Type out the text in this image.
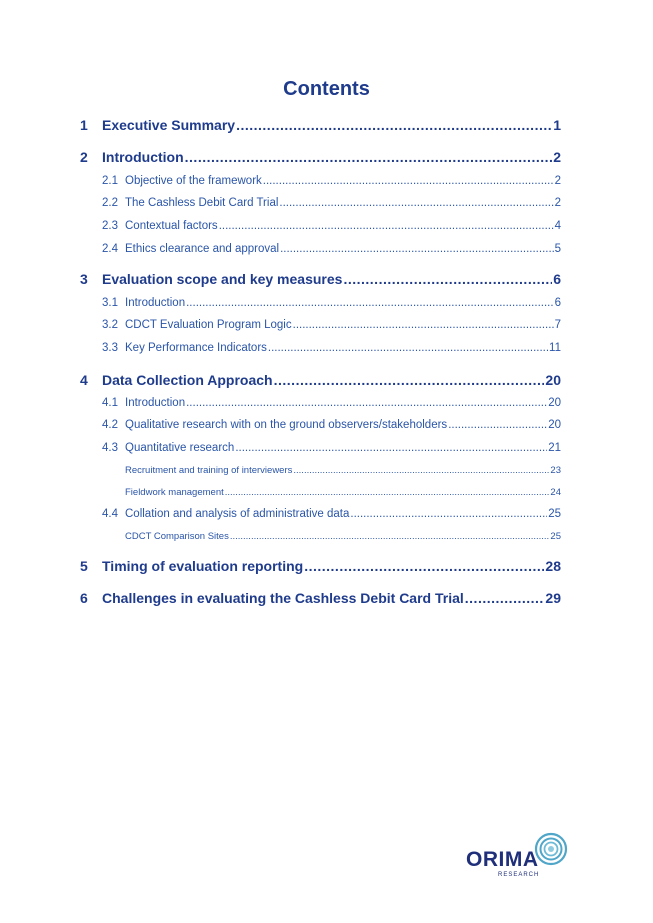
Contents
1	Executive Summary .....	1
2	Introduction .....	2
2.1 Objective of the framework .....	2
2.2 The Cashless Debit Card Trial .....	2
2.3 Contextual factors .....	4
2.4 Ethics clearance and approval .....	5
3	Evaluation scope and key measures .....	6
3.1 Introduction .....	6
3.2 CDCT Evaluation Program Logic .....	7
3.3 Key Performance Indicators .....	11
4	Data Collection Approach .....	20
4.1 Introduction .....	20
4.2 Qualitative research with on the ground observers/stakeholders .....	20
4.3 Quantitative research .....	21
Recruitment and training of interviewers .....	23
Fieldwork management .....	24
4.4 Collation and analysis of administrative data .....	25
CDCT Comparison Sites .....	25
5	Timing of evaluation reporting .....	28
6	Challenges in evaluating the Cashless Debit Card Trial .....	29
ORIMA
RESEARCH
